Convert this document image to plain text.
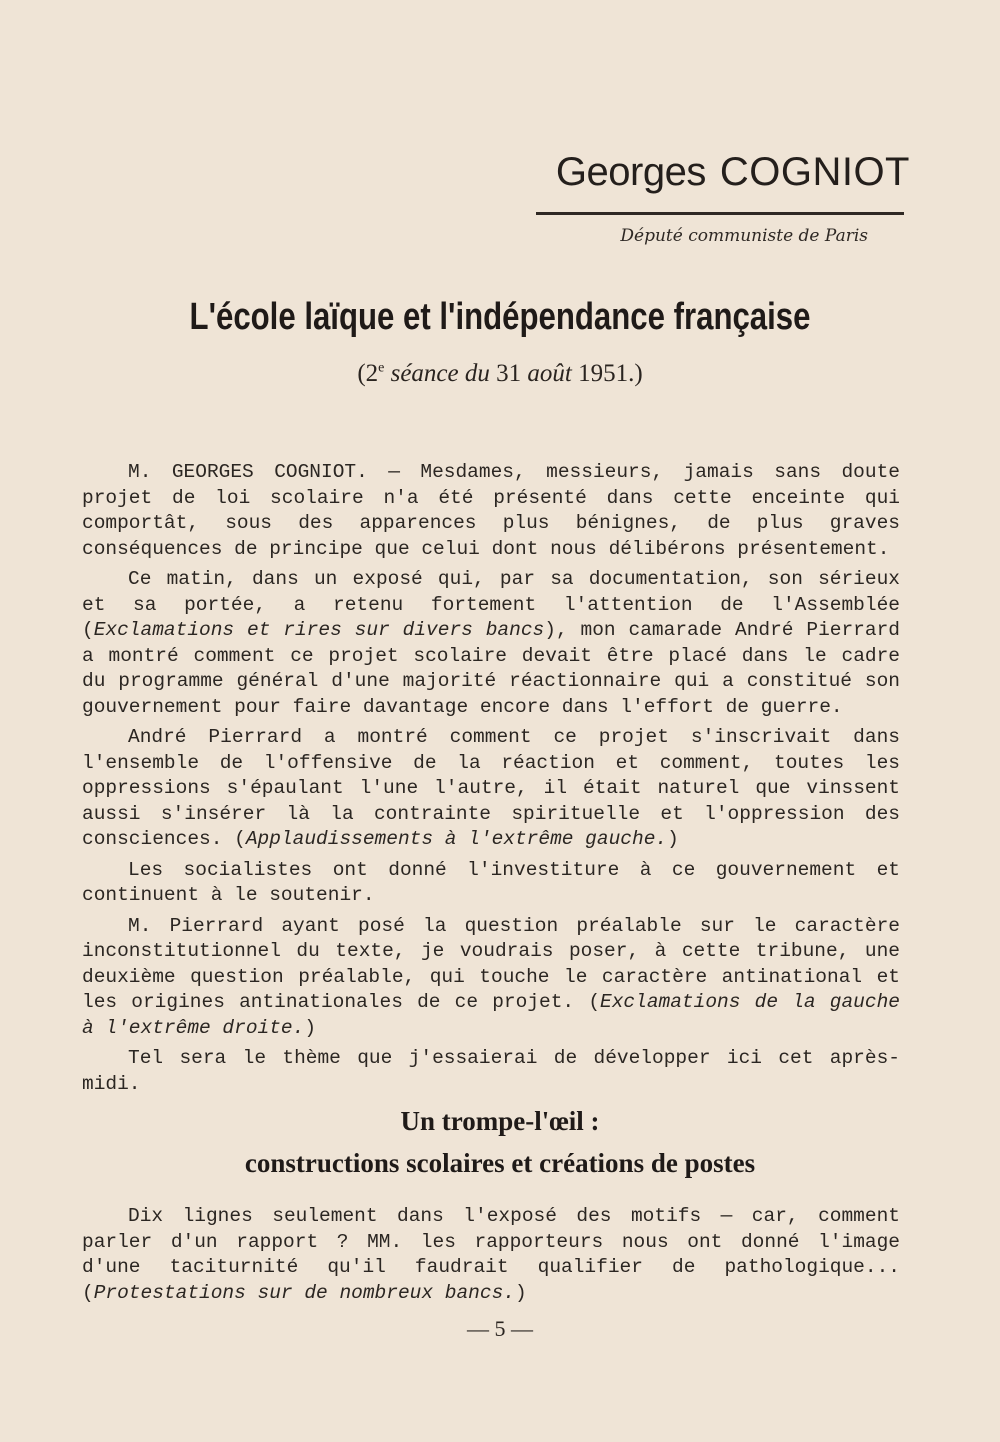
Georges COGNIOT

Député communiste de Paris
L'école laïque et l'indépendance française
(2e séance du 31 août 1951.)

M. GEORGES COGNIOT. — Mesdames, messieurs, jamais sans doute projet de loi scolaire n'a été présenté dans cette enceinte qui comportât, sous des apparences plus bénignes, de plus graves conséquences de principe que celui dont nous délibérons présentement.

Ce matin, dans un exposé qui, par sa documentation, son sérieux et sa portée, a retenu fortement l'attention de l'Assemblée (Exclamations et rires sur divers bancs), mon camarade André Pierrard a montré comment ce projet scolaire devait être placé dans le cadre du programme général d'une majorité réactionnaire qui a constitué son gouvernement pour faire davantage encore dans l'effort de guerre.

André Pierrard a montré comment ce projet s'inscrivait dans l'ensemble de l'offensive de la réaction et comment, toutes les oppressions s'épaulant l'une l'autre, il était naturel que vinssent aussi s'insérer là la contrainte spirituelle et l'oppression des consciences. (Applaudissements à l'extrême gauche.)

Les socialistes ont donné l'investiture à ce gouvernement et continuent à le soutenir.

M. Pierrard ayant posé la question préalable sur le caractère inconstitutionnel du texte, je voudrais poser, à cette tribune, une deuxième question préalable, qui touche le caractère antinational et les origines antinationales de ce projet. (Exclamations de la gauche à l'extrême droite.)

Tel sera le thème que j'essaierai de développer ici cet après-midi.

Un trompe-l'œil :
constructions scolaires et créations de postes

Dix lignes seulement dans l'exposé des motifs — car, comment parler d'un rapport ? MM. les rapporteurs nous ont donné l'image d'une taciturnité qu'il faudrait qualifier de pathologique... (Protestations sur de nombreux bancs.)

— 5 —
